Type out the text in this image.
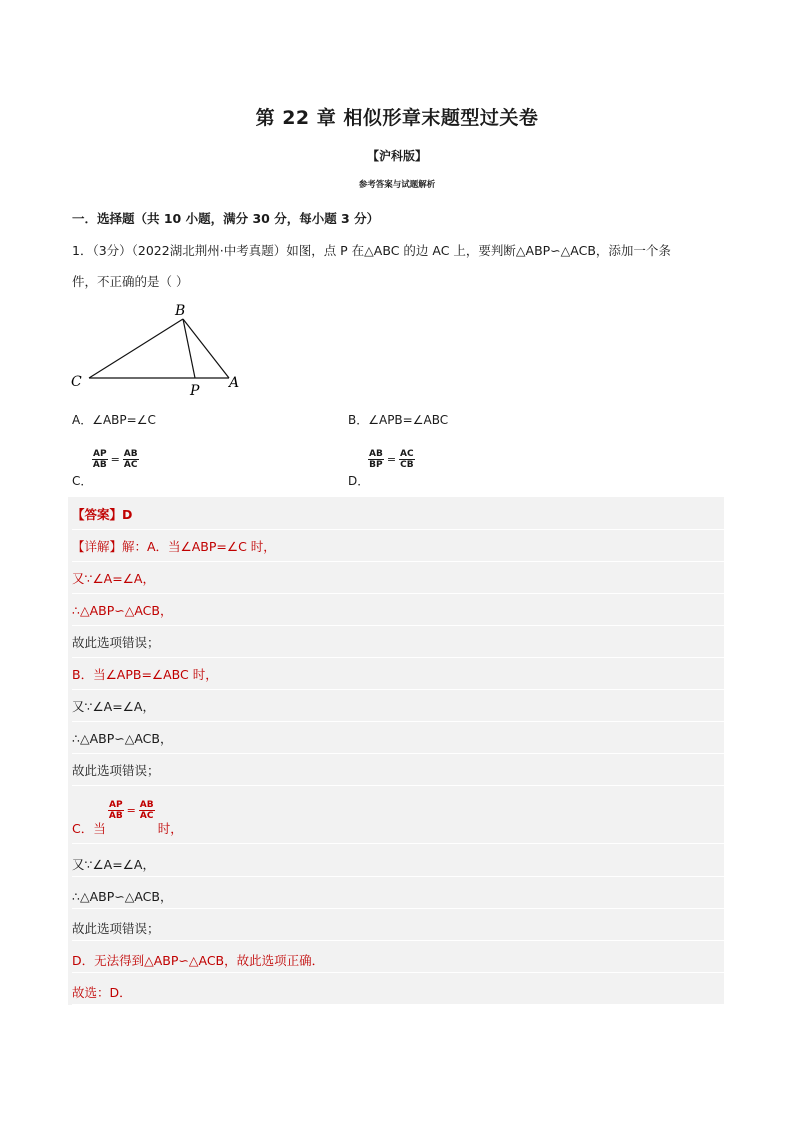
第 22 章 相似形章末题型过关卷
【沪科版】
参考答案与试题解析
一．选择题（共 10 小题，满分 30 分，每小题 3 分）
1．（3分）（2022湖北荆州·中考真题）如图，点 P 在△ABC 的边 AC 上，要判断△ABP∽△ACB，添加一个条
件，不正确的是（ ）
B
C
P A
A．∠ABP=∠C	B．∠APB=∠ABC
$\frac{AP}{AB} = \frac{AB}{AC}$
C．
$\frac{AB}{BP} = \frac{AC}{CB}$
D．
【答案】D
【详解】解：A．当∠ABP=∠C 时，
又∵∠A=∠A，
∴△ABP∽△ACB，
故此选项错误；
B．当∠APB=∠ABC 时，
又∵∠A=∠A，
∴△ABP∽△ACB，
故此选项错误；
C．当	时，
$\frac{AP}{AB} = \frac{AB}{AC}$
又∵∠A=∠A，
∴△ABP∽△ACB，
故此选项错误；
D．无法得到△ABP∽△ACB，故此选项正确．
故选：D．
